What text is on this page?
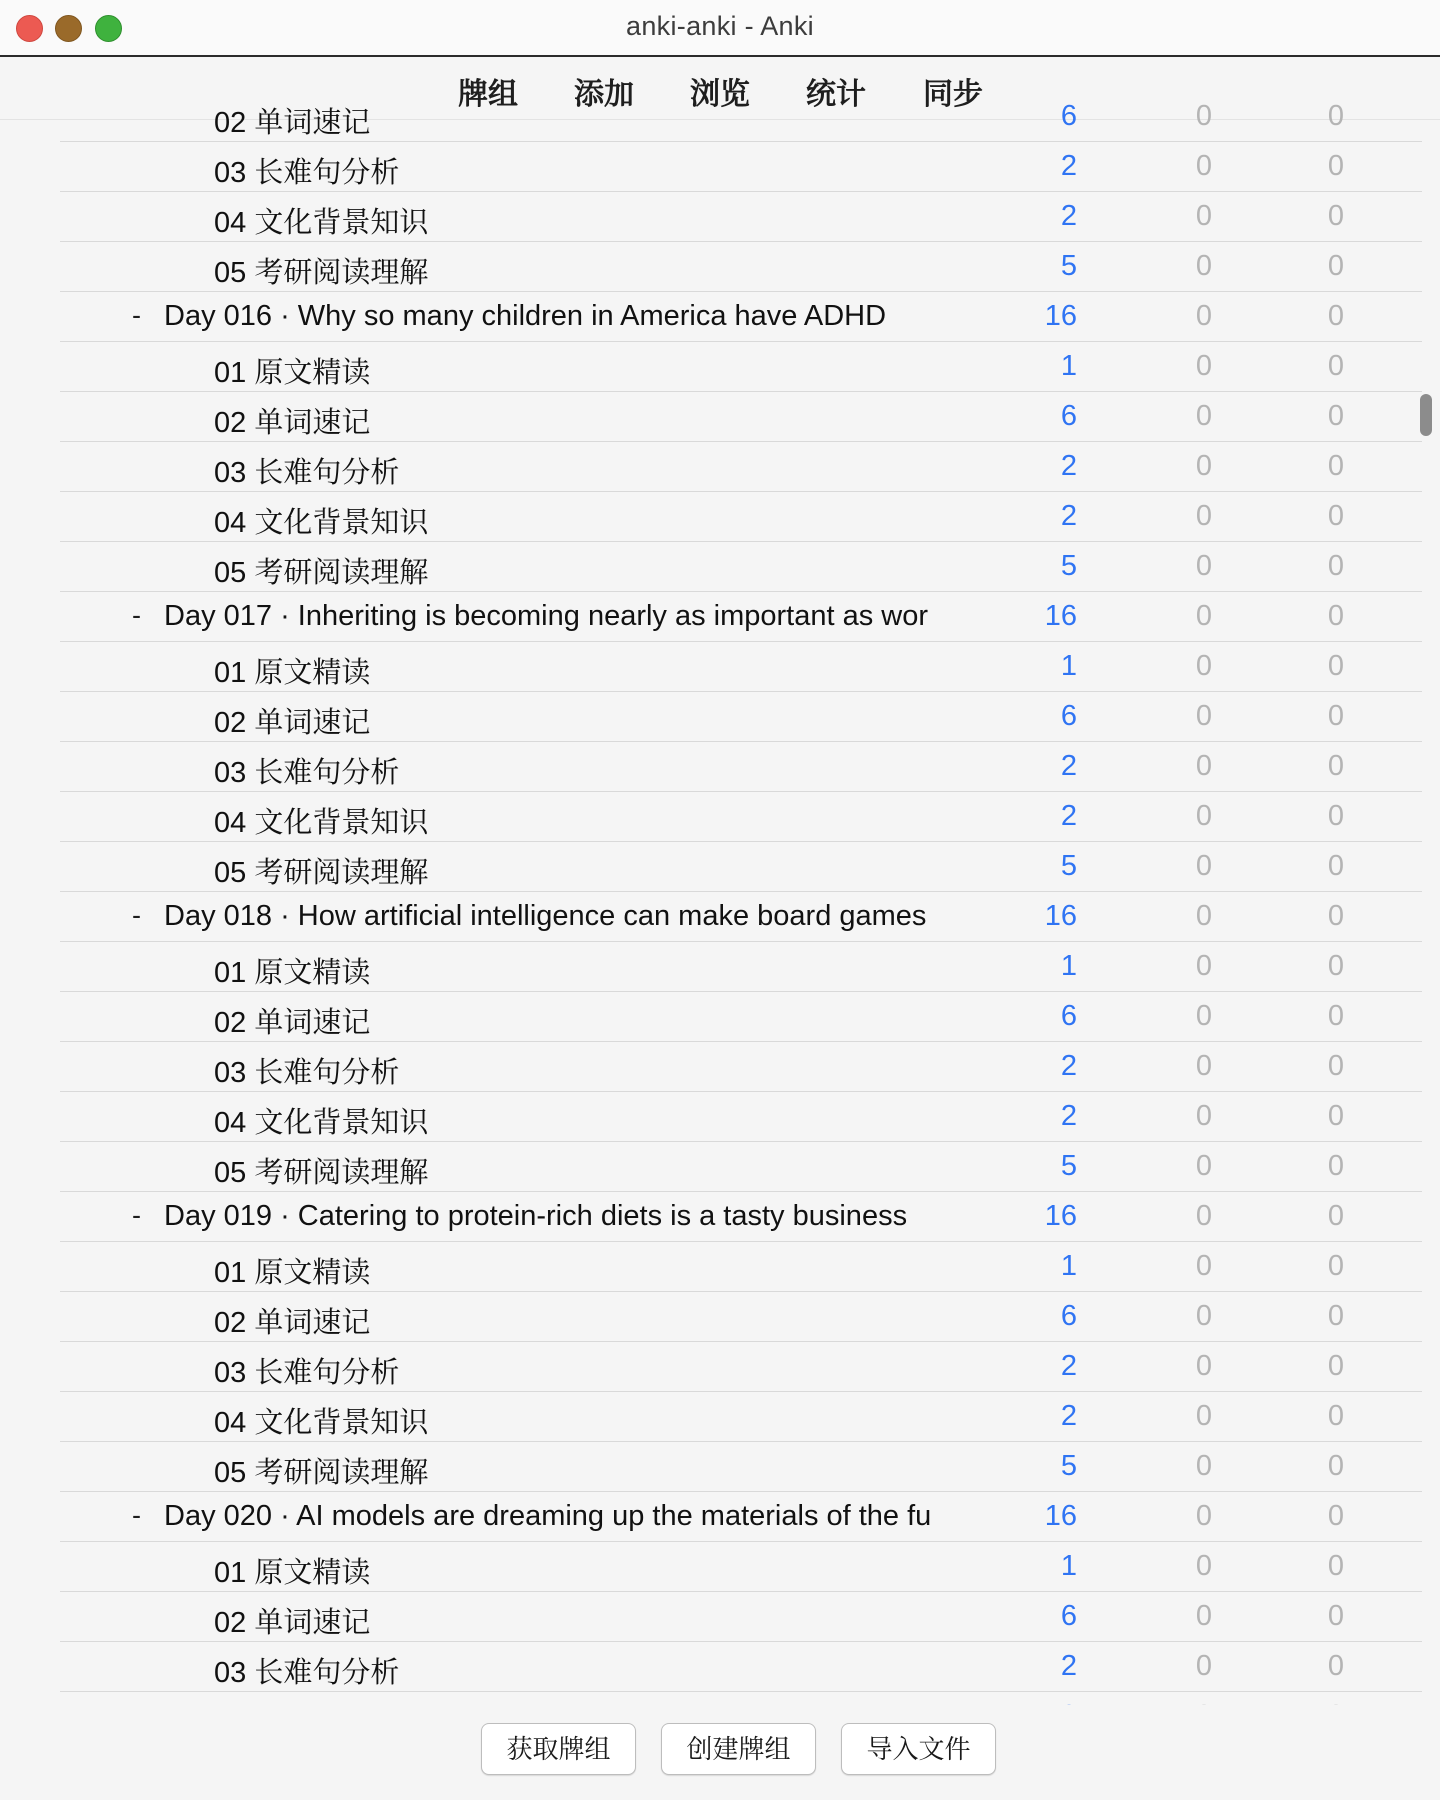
anki-anki - Anki
牌组 添加 浏览 统计 同步
02 单词速记	6	0	0
03 长难句分析	2	0	0
04 文化背景知识	2	0	0
05 考研阅读理解	5	0	0
- Day 016 · Why so many children in America have ADHD	16	0	0
01 原文精读	1	0	0
02 单词速记	6	0	0
03 长难句分析	2	0	0
04 文化背景知识	2	0	0
05 考研阅读理解	5	0	0
- Day 017 · Inheriting is becoming nearly as important as wor	16	0	0
01 原文精读	1	0	0
02 单词速记	6	0	0
03 长难句分析	2	0	0
04 文化背景知识	2	0	0
05 考研阅读理解	5	0	0
- Day 018 · How artificial intelligence can make board games	16	0	0
01 原文精读	1	0	0
02 单词速记	6	0	0
03 长难句分析	2	0	0
04 文化背景知识	2	0	0
05 考研阅读理解	5	0	0
- Day 019 · Catering to protein-rich diets is a tasty business	16	0	0
01 原文精读	1	0	0
02 单词速记	6	0	0
03 长难句分析	2	0	0
04 文化背景知识	2	0	0
05 考研阅读理解	5	0	0
- Day 020 · AI models are dreaming up the materials of the fu	16	0	0
01 原文精读	1	0	0
02 单词速记	6	0	0
03 长难句分析	2	0	0
获取牌组	创建牌组	导入文件
